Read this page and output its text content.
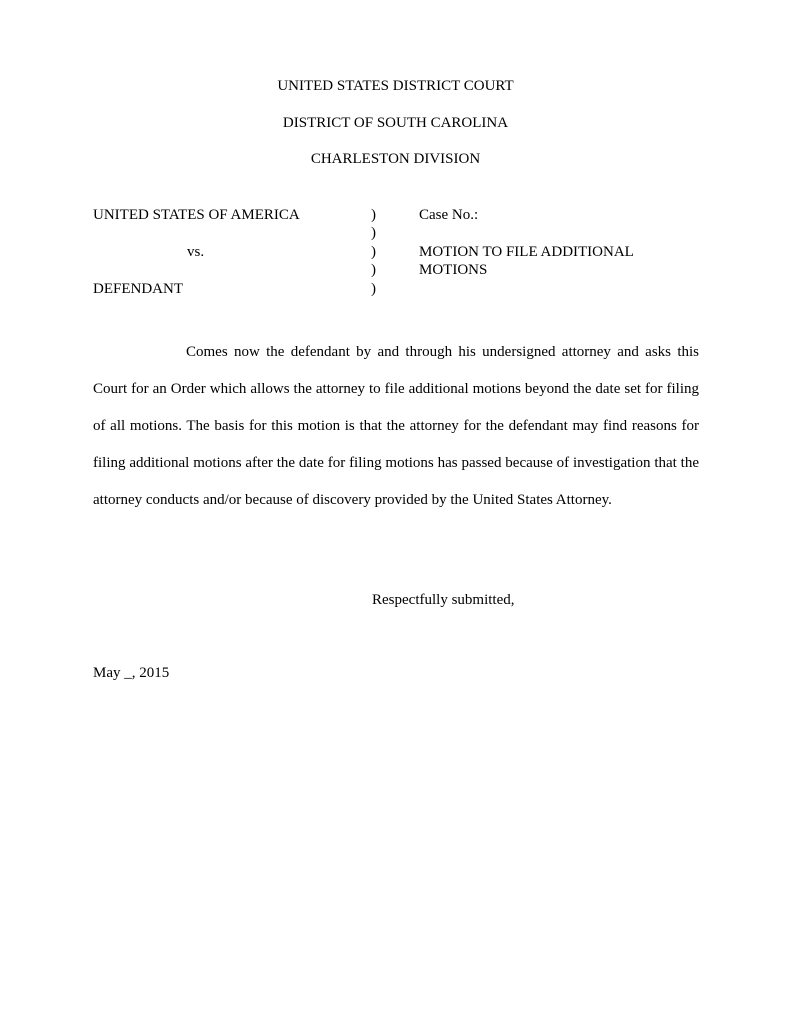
UNITED STATES DISTRICT COURT
DISTRICT OF SOUTH CAROLINA
CHARLESTON DIVISION
UNITED STATES OF AMERICA
vs.
DEFENDANT
)
)
)
)
)
Case No.:
MOTION TO FILE ADDITIONAL
MOTIONS

Comes now the defendant by and through his undersigned attorney and asks this Court for an Order which allows the attorney to file additional motions beyond the date set for filing of all motions. The basis for this motion is that the attorney for the defendant may find reasons for filing additional motions after the date for filing motions has passed because of investigation that the attorney conducts and/or because of discovery provided by the United States Attorney.

Respectfully submitted,
May _, 2015
